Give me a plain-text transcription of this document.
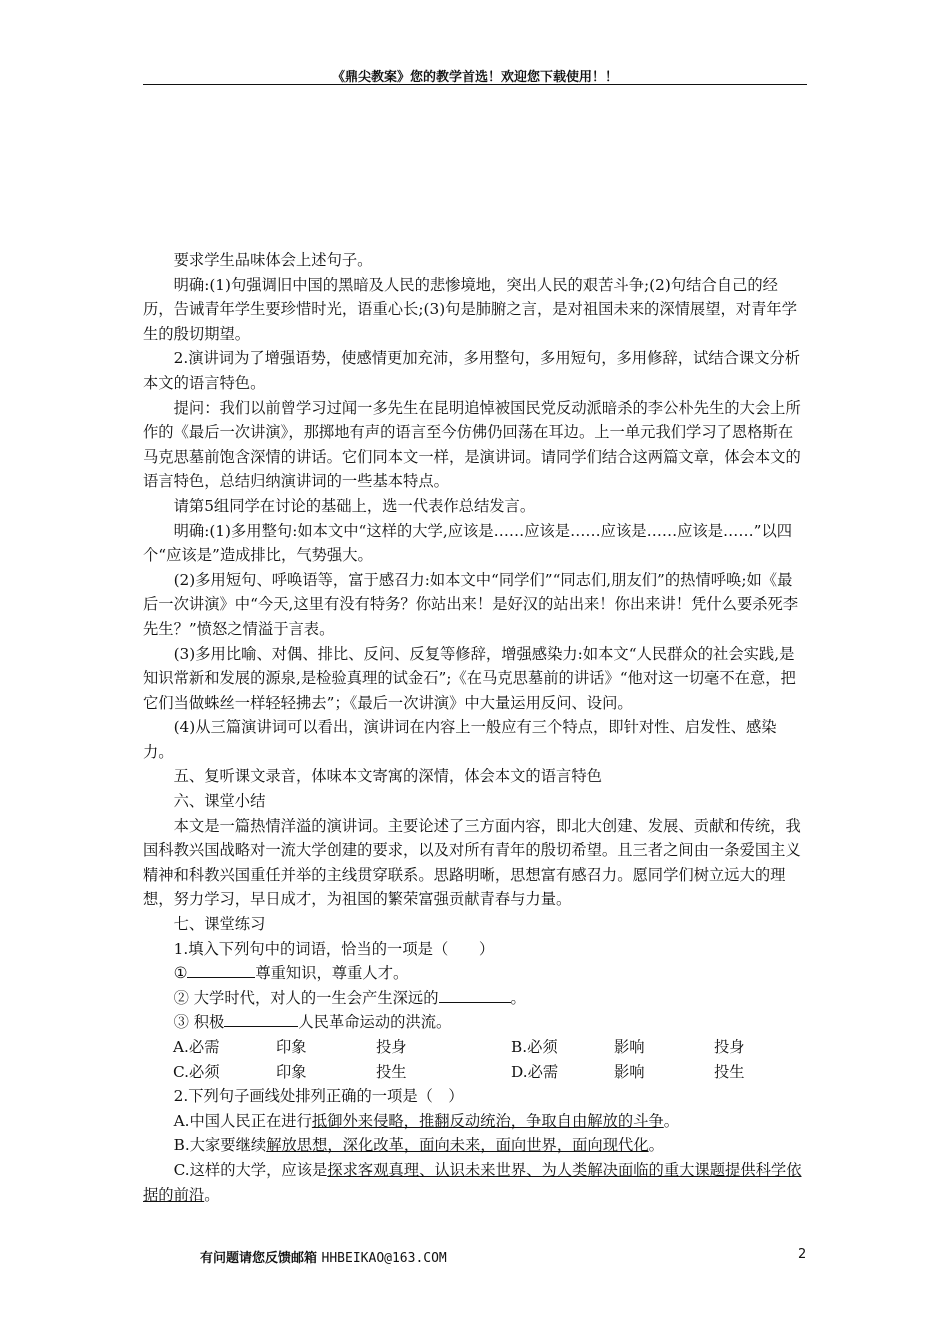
《鼎尖教案》您的教学首选！欢迎您下载使用！！

要求学生品味体会上述句子。

明确:(1)句强调旧中国的黑暗及人民的悲惨境地，突出人民的艰苦斗争;(2)句结合自己的经历，告诫青年学生要珍惜时光，语重心长;(3)句是肺腑之言，是对祖国未来的深情展望，对青年学生的殷切期望。

2.演讲词为了增强语势，使感情更加充沛，多用整句，多用短句，多用修辞，试结合课文分析本文的语言特色。

提问：我们以前曾学习过闻一多先生在昆明追悼被国民党反动派暗杀的李公朴先生的大会上所作的《最后一次讲演》，那掷地有声的语言至今仿佛仍回荡在耳边。上一单元我们学习了恩格斯在马克思墓前饱含深情的讲话。它们同本文一样，是演讲词。请同学们结合这两篇文章，体会本文的语言特色，总结归纳演讲词的一些基本特点。

请第5组同学在讨论的基础上，选一代表作总结发言。

明确:(1)多用整句:如本文中“这样的大学,应该是……应该是……应该是……应该是……”以四个“应该是”造成排比，气势强大。

(2)多用短句、呼唤语等，富于感召力:如本文中“同学们”“同志们,朋友们”的热情呼唤;如《最后一次讲演》中“今天,这里有没有特务？你站出来！是好汉的站出来！你出来讲！凭什么要杀死李先生？”愤怒之情溢于言表。

(3)多用比喻、对偶、排比、反问、反复等修辞，增强感染力:如本文“人民群众的社会实践,是知识常新和发展的源泉,是检验真理的试金石”;《在马克思墓前的讲话》“他对这一切毫不在意，把它们当做蛛丝一样轻轻拂去”；《最后一次讲演》中大量运用反问、设问。

(4)从三篇演讲词可以看出，演讲词在内容上一般应有三个特点，即针对性、启发性、感染力。

五、复听课文录音，体味本文寄寓的深情，体会本文的语言特色

六、课堂小结

本文是一篇热情洋溢的演讲词。主要论述了三方面内容，即北大创建、发展、贡献和传统，我国科教兴国战略对一流大学创建的要求，以及对所有青年的殷切希望。且三者之间由一条爱国主义精神和科教兴国重任并举的主线贯穿联系。思路明晰，思想富有感召力。愿同学们树立远大的理想，努力学习，早日成才，为祖国的繁荣富强贡献青春与力量。

七、课堂练习

1.填入下列句中的词语，恰当的一项是（　　）

①	尊重知识，尊重人才。

② 大学时代，对人的一生会产生深远的	。

③ 积极	人民革命运动的洪流。

A.必需	印象	投身	B.必须	影响	投身
C.必须	印象	投生	D.必需	影响	投生

2.下列句子画线处排列正确的一项是（　）

A.中国人民正在进行抵御外来侵略，推翻反动统治，争取自由解放的斗争。

B.大家要继续解放思想，深化改革，面向未来，面向世界，面向现代化。

C.这样的大学，应该是探求客观真理、认识未来世界、为人类解决面临的重大课题提供科学依据的前沿。

有问题请您反馈邮箱 HHBEIKAO@163.COM	2
